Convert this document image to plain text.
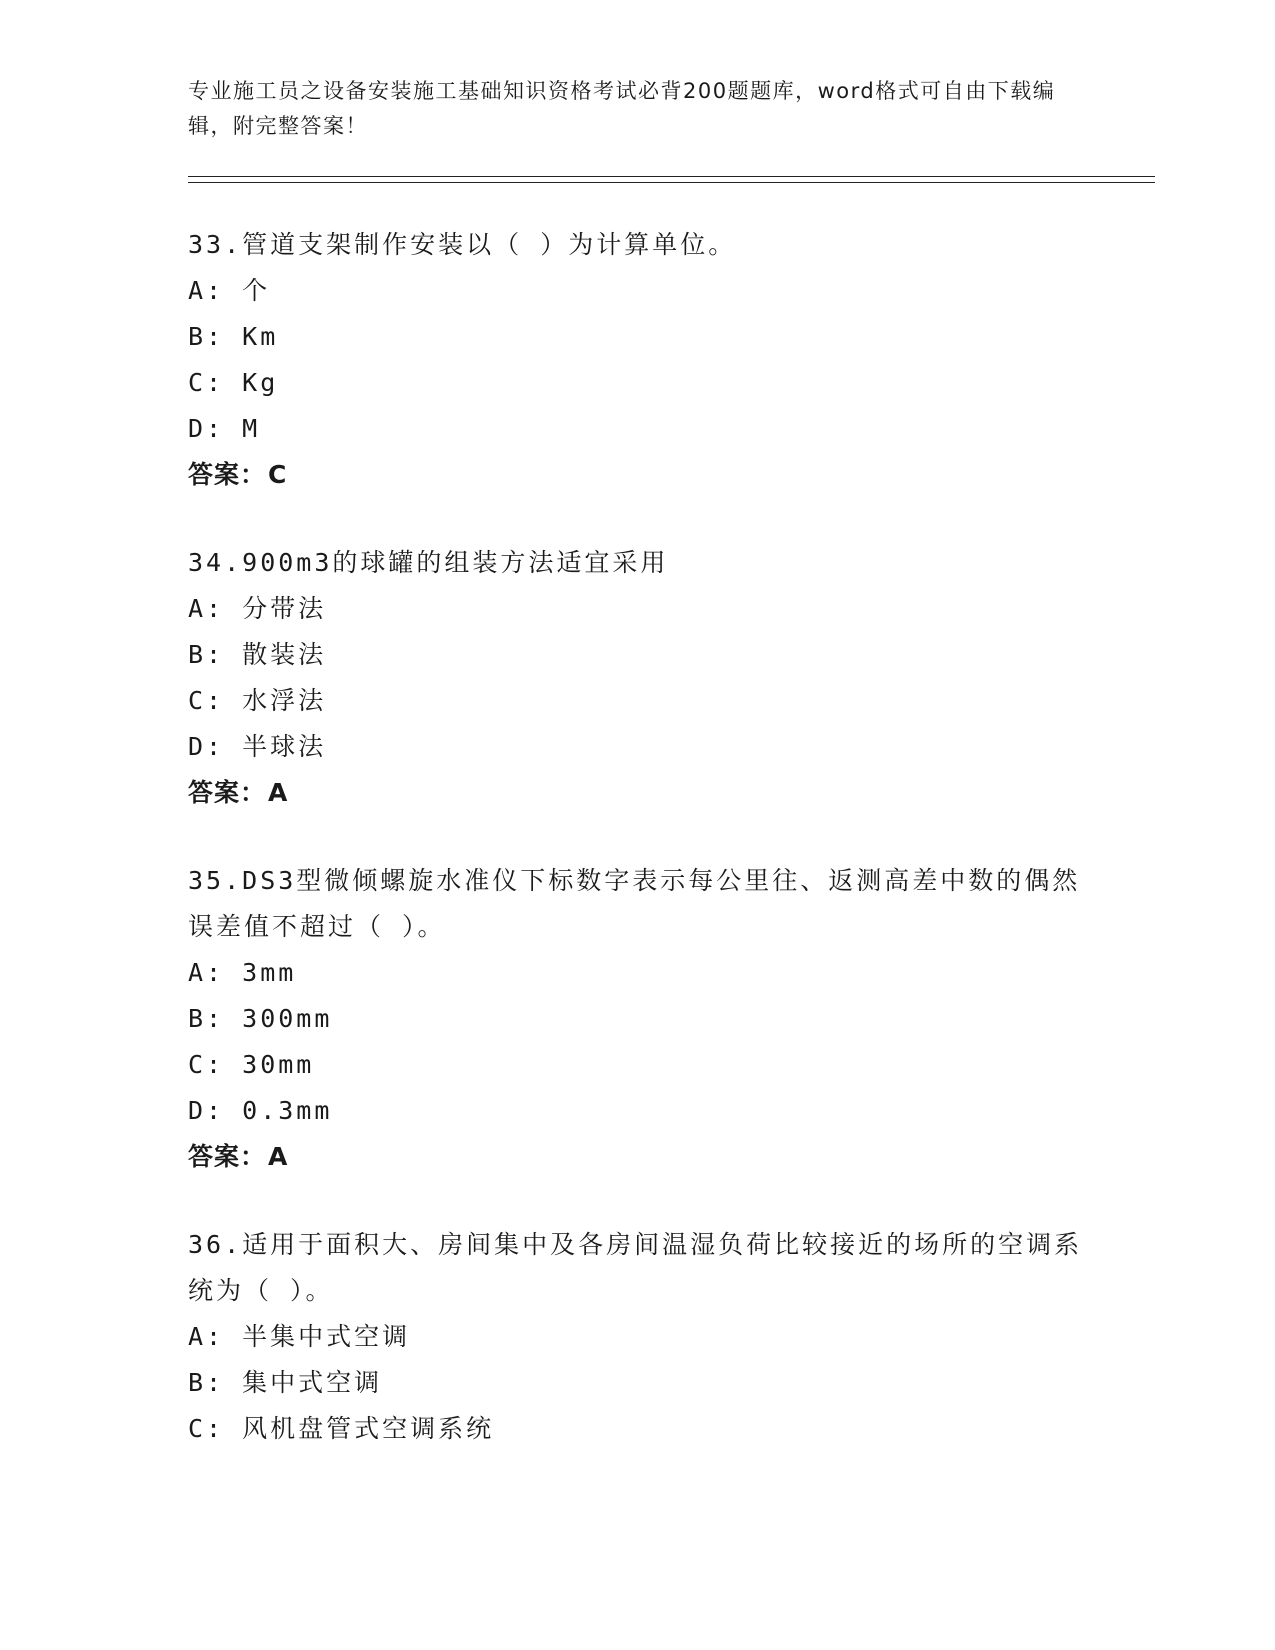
专业施工员之设备安装施工基础知识资格考试必背200题题库，word格式可自由下载编辑，附完整答案！

33.管道支架制作安装以（ ）为计算单位。

A: 个

B: Km

C: Kg

D: M

答案：C

34.900m3的球罐的组装方法适宜采用

A: 分带法

B: 散装法

C: 水浮法

D: 半球法

答案：A

35.DS3型微倾螺旋水准仪下标数字表示每公里往、返测高差中数的偶然误差值不超过（ ）。

A: 3mm

B: 300mm

C: 30mm

D: 0.3mm

答案：A

36.适用于面积大、房间集中及各房间温湿负荷比较接近的场所的空调系统为（ ）。

A: 半集中式空调

B: 集中式空调

C: 风机盘管式空调系统
